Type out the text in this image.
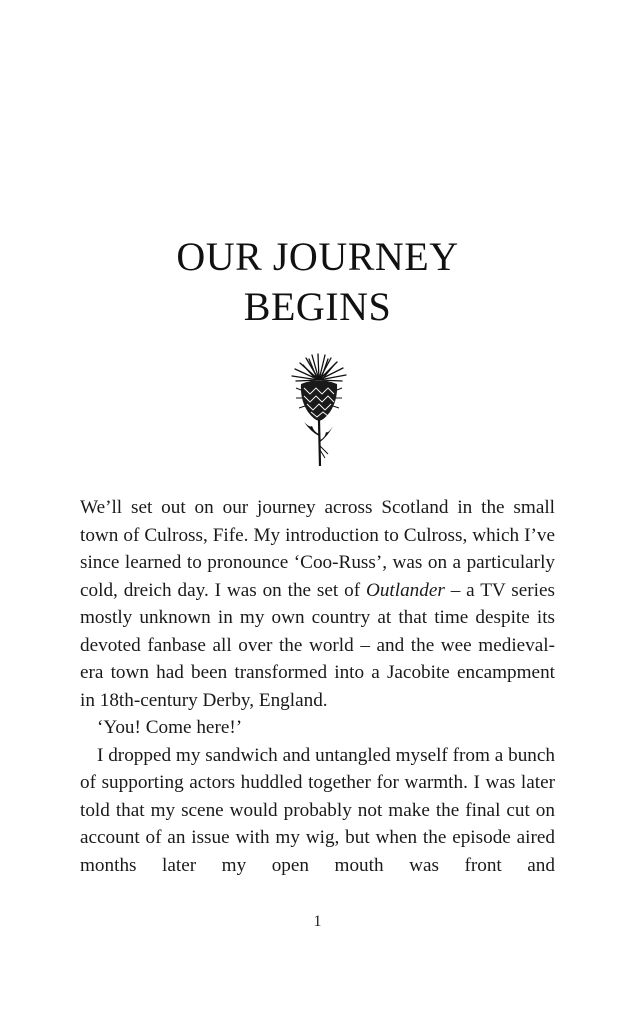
OUR JOURNEY
BEGINS

We’ll set out on our journey across Scotland in the small town of Culross, Fife. My introduction to Culross, which I’ve since learned to pronounce ‘Coo-Russ’, was on a particularly cold, dreich day. I was on the set of Outlander – a TV series mostly unknown in my own country at that time despite its devoted fanbase all over the world – and the wee medieval-era town had been transformed into a Jacobite encampment in 18th-century Derby, England.

‘You! Come here!’

I dropped my sandwich and untangled myself from a bunch of supporting actors huddled together for warmth. I was later told that my scene would probably not make the final cut on account of an issue with my wig, but when the episode aired months later my open mouth was front and

1
